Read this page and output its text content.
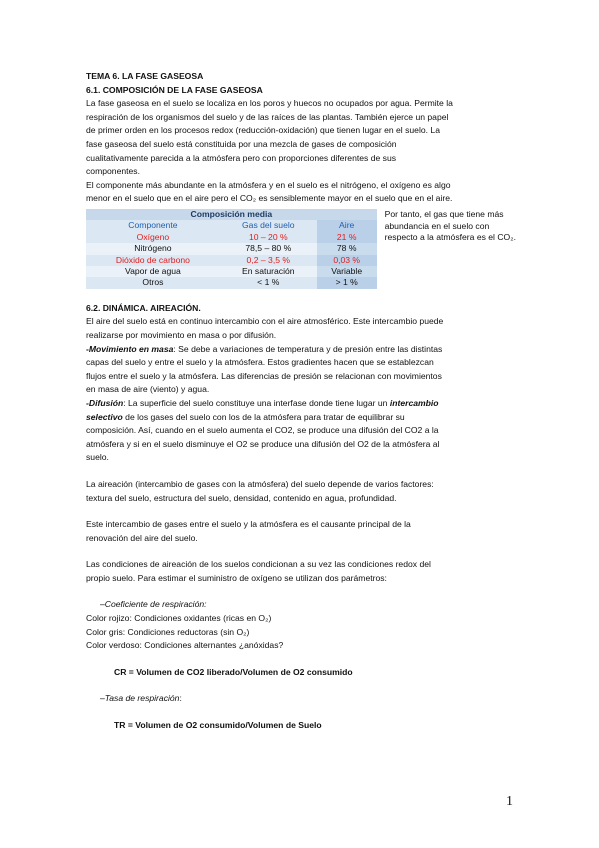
TEMA 6. LA FASE GASEOSA

6.1. COMPOSICIÓN DE LA FASE GASEOSA

La fase gaseosa en el suelo se localiza en los poros y huecos no ocupados por agua. Permite la

respiración de los organismos del suelo y de las raíces de las plantas. También ejerce un papel

de primer orden en los procesos redox (reducción-oxidación) que tienen lugar en el suelo. La

fase gaseosa del suelo está constituida por una mezcla de gases de composición

cualitativamente parecida a la atmósfera pero con proporciones diferentes de sus

componentes.

El componente más abundante en la atmósfera y en el suelo es el nitrógeno, el oxígeno es algo

menor en el suelo que en el aire pero el CO₂ es sensiblemente mayor en el suelo que en el aire.

Composición media		
Componente	Gas del suelo	Aire
Oxígeno	10 – 20 %	21 %
Nitrógeno	78,5 – 80 %	78 %
Dióxido de carbono	0,2 – 3,5 %	0,03 %
Vapor de agua	En saturación	Variable
Otros	< 1 %	> 1 %
Por tanto, el gas que tiene más abundancia en el suelo con respecto a la atmósfera es el CO₂.

6.2. DINÁMICA. AIREACIÓN.

El aire del suelo está en continuo intercambio con el aire atmosférico. Este intercambio puede

realizarse por movimiento en masa o por difusión.

-Movimiento en masa: Se debe a variaciones de temperatura y de presión entre las distintas

capas del suelo y entre el suelo y la atmósfera. Estos gradientes hacen que se establezcan

flujos entre el suelo y la atmósfera. Las diferencias de presión se relacionan con movimientos

en masa de aire (viento) y agua.

-Difusión: La superficie del suelo constituye una interfase donde tiene lugar un intercambio

selectivo de los gases del suelo con los de la atmósfera para tratar de equilibrar su

composición. Así, cuando en el suelo aumenta el CO2, se produce una difusión del CO2 a la

atmósfera y si en el suelo disminuye el O2 se produce una difusión del O2 de la atmósfera al

suelo.

La aireación (intercambio de gases con la atmósfera) del suelo depende de varios factores:

textura del suelo, estructura del suelo, densidad, contenido en agua, profundidad.

Este intercambio de gases entre el suelo y la atmósfera es el causante principal de la

renovación del aire del suelo.

Las condiciones de aireación de los suelos condicionan a su vez las condiciones redox del

propio suelo. Para estimar el suministro de oxígeno se utilizan dos parámetros:

–Coeficiente de respiración:

Color rojizo: Condiciones oxidantes (ricas en O₂)

Color gris: Condiciones reductoras (sin O₂)

Color verdoso: Condiciones alternantes ¿anóxidas?

CR = Volumen de CO2 liberado/Volumen de O2 consumido

–Tasa de respiración:

TR = Volumen de O2 consumido/Volumen de Suelo

1
